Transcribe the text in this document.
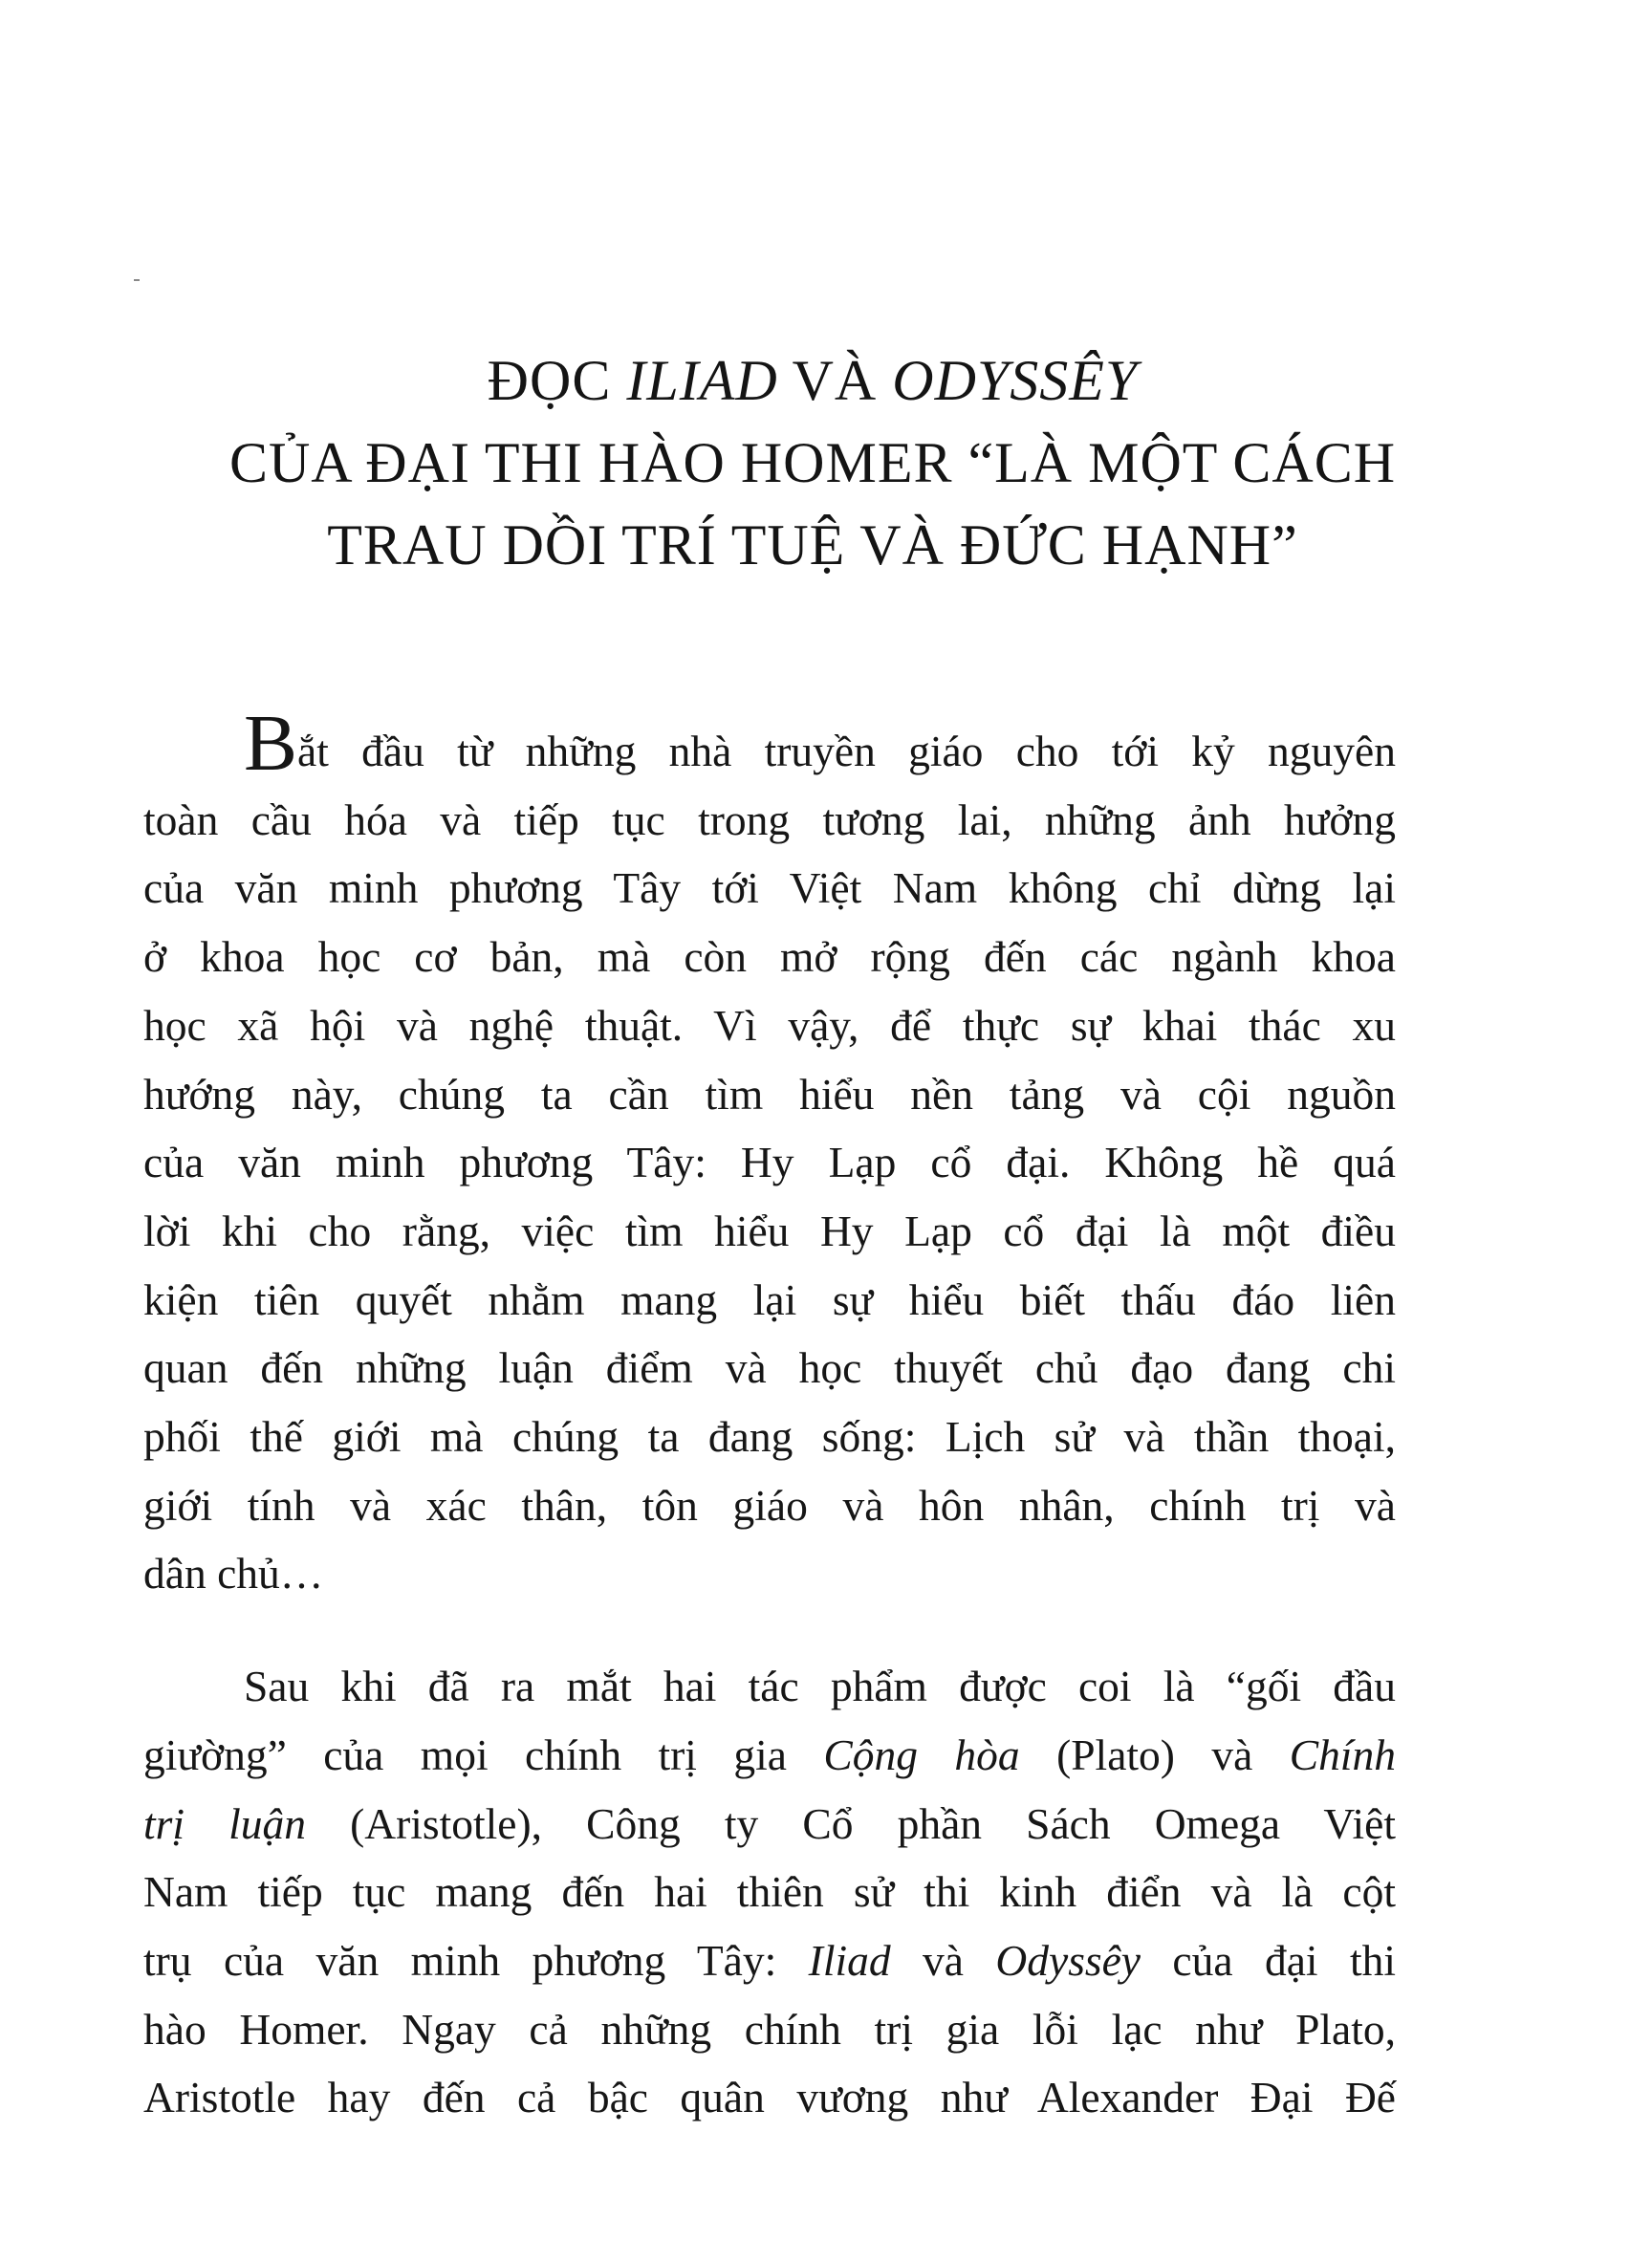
ĐỌC ILIAD VÀ ODYSSÊY
CỦA ĐẠI THI HÀO HOMER “LÀ MỘT CÁCH
TRAU DỒI TRÍ TUỆ VÀ ĐỨC HẠNH”
Bắt đầu từ những nhà truyền giáo cho tới kỷ nguyên
toàn cầu hóa và tiếp tục trong tương lai, những ảnh hưởng
của văn minh phương Tây tới Việt Nam không chỉ dừng lại
ở khoa học cơ bản, mà còn mở rộng đến các ngành khoa
học xã hội và nghệ thuật. Vì vậy, để thực sự khai thác xu
hướng này, chúng ta cần tìm hiểu nền tảng và cội nguồn
của văn minh phương Tây: Hy Lạp cổ đại. Không hề quá
lời khi cho rằng, việc tìm hiểu Hy Lạp cổ đại là một điều
kiện tiên quyết nhằm mang lại sự hiểu biết thấu đáo liên
quan đến những luận điểm và học thuyết chủ đạo đang chi
phối thế giới mà chúng ta đang sống: Lịch sử và thần thoại,
giới tính và xác thân, tôn giáo và hôn nhân, chính trị và
dân chủ…
Sau khi đã ra mắt hai tác phẩm được coi là “gối đầu
giường” của mọi chính trị gia Cộng hòa (Plato) và Chính
trị luận (Aristotle), Công ty Cổ phần Sách Omega Việt
Nam tiếp tục mang đến hai thiên sử thi kinh điển và là cột
trụ của văn minh phương Tây: Iliad và Odyssêy của đại thi
hào Homer. Ngay cả những chính trị gia lỗi lạc như Plato,
Aristotle hay đến cả bậc quân vương như Alexander Đại Đế
